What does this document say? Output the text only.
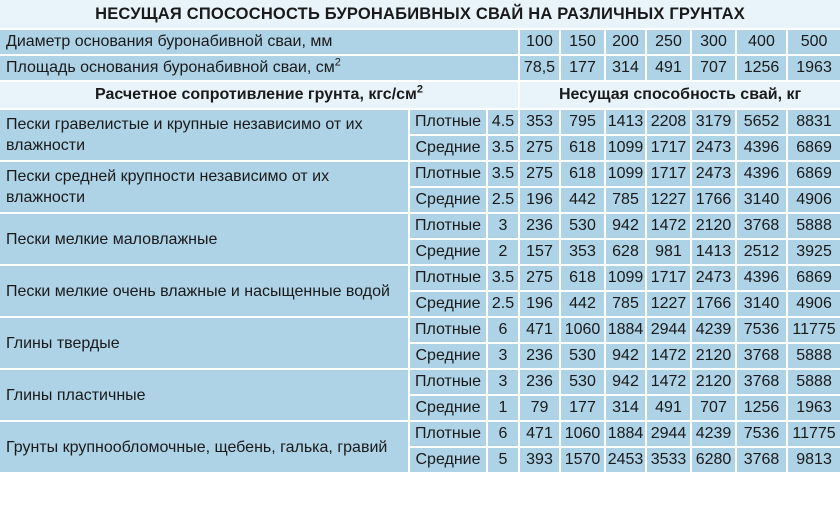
НЕСУЩАЯ СПОСОСНОСТЬ БУРОНАБИВНЫХ СВАЙ НА РАЗЛИЧНЫХ ГРУНТАХ									
Диаметр основания буронабивной сваи, мм			100	150	200	250	300	400	500
Площадь основания буронабивной сваи, $см^2$			78,5	177	314	491	707	1256	1963
Расчетное сопротивление грунта, кгс/$см^2$			Несущая способность свай, кг						
Пески гравелистые и крупные независимо от их влажности	Плотные	4.5	353	795	1413	2208	3179	5652	8831
	Средние	3.5	275	618	1099	1717	2473	4396	6869
Пески средней крупности независимо от их влажности	Плотные	3.5	275	618	1099	1717	2473	4396	6869
	Средние	2.5	196	442	785	1227	1766	3140	4906
Пески мелкие маловлажные	Плотные	3	236	530	942	1472	2120	3768	5888
	Средние	2	157	353	628	981	1413	2512	3925
Пески мелкие очень влажные и насыщенные водой	Плотные	3.5	275	618	1099	1717	2473	4396	6869
	Средние	2.5	196	442	785	1227	1766	3140	4906
Глины твердые	Плотные	6	471	1060	1884	2944	4239	7536	11775
	Средние	3	236	530	942	1472	2120	3768	5888
Глины пластичные	Плотные	3	236	530	942	1472	2120	3768	5888
	Средние	1	79	177	314	491	707	1256	1963
Грунты крупнообломочные, щебень, галька, гравий	Плотные	6	471	1060	1884	2944	4239	7536	11775
	Средние	5	393	1570	2453	3533	6280	3768	9813
